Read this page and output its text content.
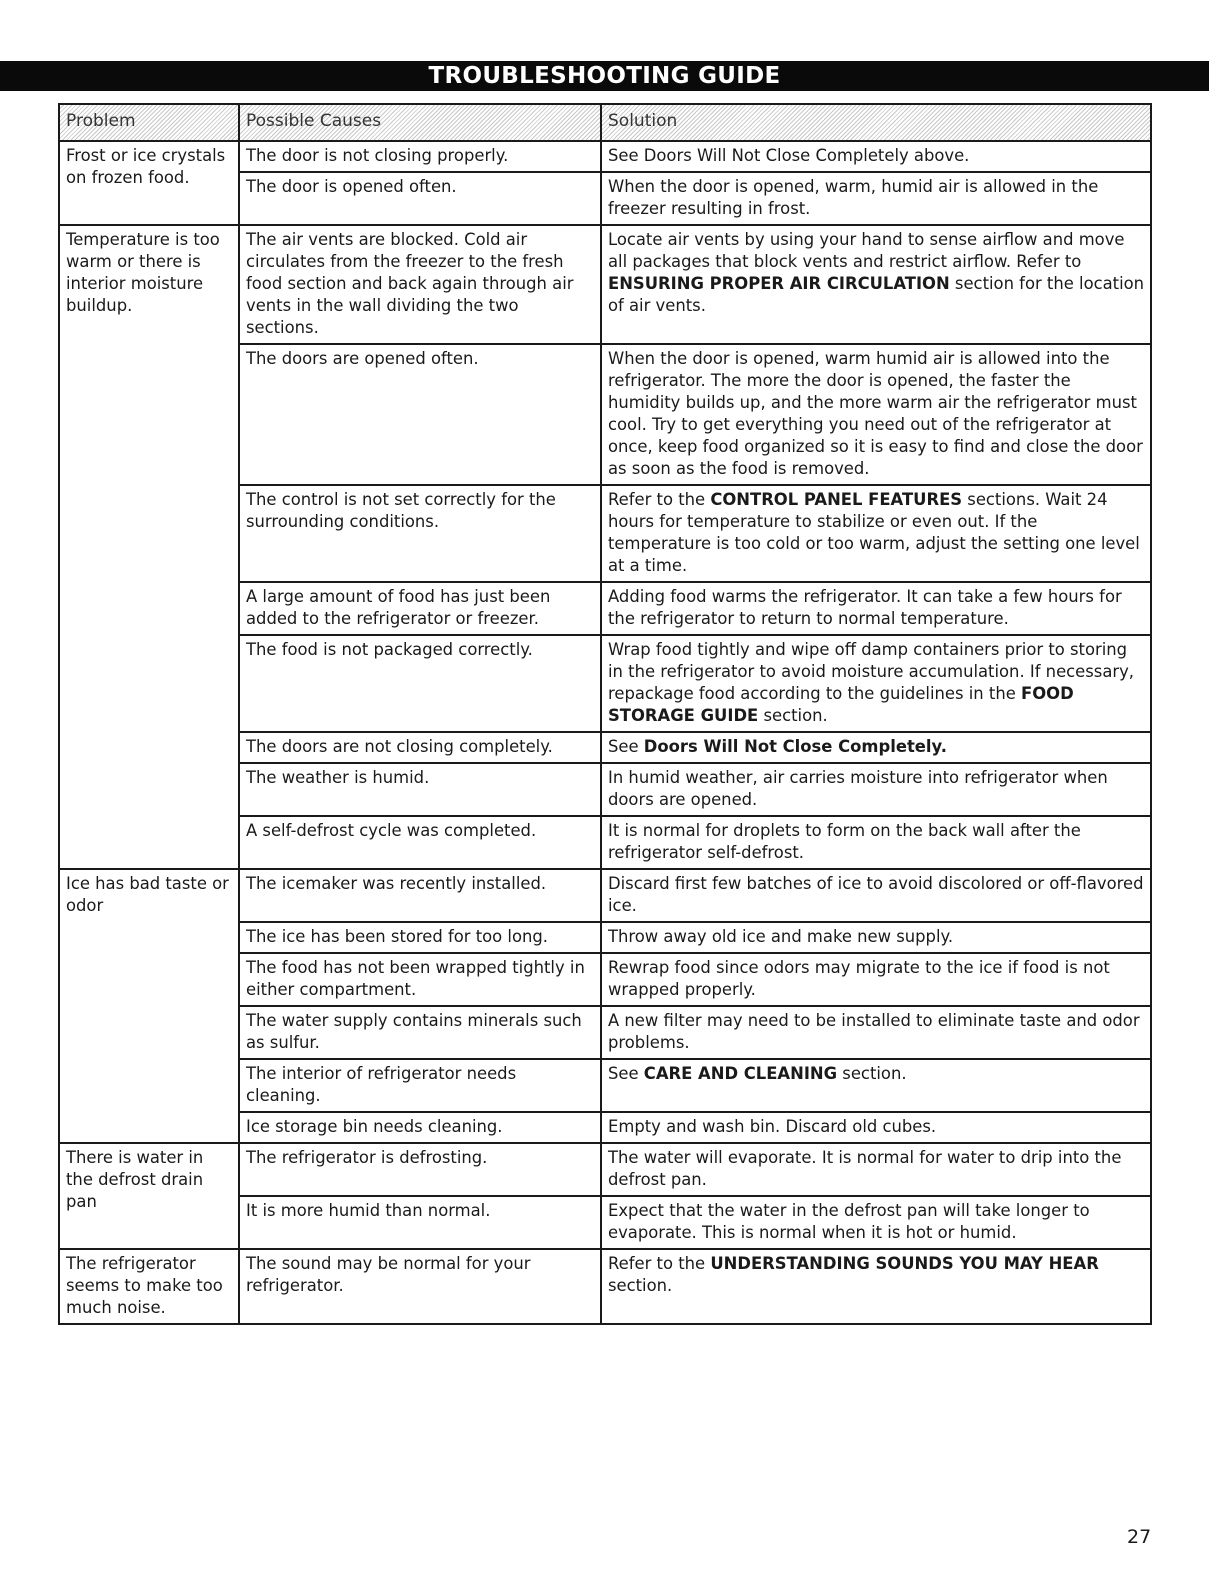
TROUBLESHOOTING GUIDE
Problem	Possible Causes	Solution
Frost or ice crystals on frozen food.	The door is not closing properly.	See Doors Will Not Close Completely above.
	The door is opened often.	When the door is opened, warm, humid air is allowed in the freezer resulting in frost.
Temperature is too warm or there is interior moisture buildup.	The air vents are blocked. Cold air circulates from the freezer to the fresh food section and back again through air vents in the wall dividing the two sections.	Locate air vents by using your hand to sense airflow and move all packages that block vents and restrict airflow. Refer to ENSURING PROPER AIR CIRCULATION section for the location of air vents.
	The doors are opened often.	When the door is opened, warm humid air is allowed into the refrigerator. The more the door is opened, the faster the humidity builds up, and the more warm air the refrigerator must cool. Try to get everything you need out of the refrigerator at once, keep food organized so it is easy to find and close the door as soon as the food is removed.
	The control is not set correctly for the surrounding conditions.	Refer to the CONTROL PANEL FEATURES sections. Wait 24 hours for temperature to stabilize or even out. If the temperature is too cold or too warm, adjust the setting one level at a time.
	A large amount of food has just been added to the refrigerator or freezer.	Adding food warms the refrigerator. It can take a few hours for the refrigerator to return to normal temperature.
	The food is not packaged correctly.	Wrap food tightly and wipe off damp containers prior to storing in the refrigerator to avoid moisture accumulation. If necessary, repackage food according to the guidelines in the FOOD STORAGE GUIDE section.
	The doors are not closing completely.	See Doors Will Not Close Completely.
	The weather is humid.	In humid weather, air carries moisture into refrigerator when doors are opened.
	A self-defrost cycle was completed.	It is normal for droplets to form on the back wall after the refrigerator self-defrost.
Ice has bad taste or odor	The icemaker was recently installed.	Discard first few batches of ice to avoid discolored or off-flavored ice.
	The ice has been stored for too long.	Throw away old ice and make new supply.
	The food has not been wrapped tightly in either compartment.	Rewrap food since odors may migrate to the ice if food is not wrapped properly.
	The water supply contains minerals such as sulfur.	A new filter may need to be installed to eliminate taste and odor problems.
	The interior of refrigerator needs cleaning.	See CARE AND CLEANING section.
	Ice storage bin needs cleaning.	Empty and wash bin. Discard old cubes.
There is water in the defrost drain pan	The refrigerator is defrosting.	The water will evaporate. It is normal for water to drip into the defrost pan.
	It is more humid than normal.	Expect that the water in the defrost pan will take longer to evaporate. This is normal when it is hot or humid.
The refrigerator seems to make too much noise.	The sound may be normal for your refrigerator.	Refer to the UNDERSTANDING SOUNDS YOU MAY HEAR section.
27
